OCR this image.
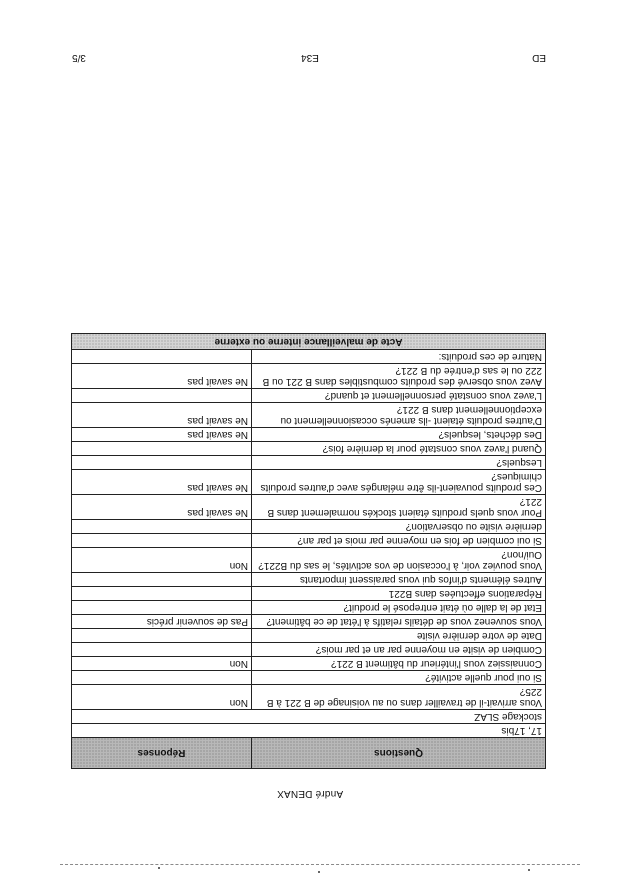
André DENAX
Questions	Réponses
17, 17bis	
stockage SLAZ	
Vous arrivait-il de travailler dans ou au voisinage de B 221 à B 225?	Non
Si oui pour quelle activité?	
Connaissiez vous l'intérieur du bâtiment B 221?	Non
Combien de visite en moyenne par an et par mois?	
Date de votre dernière visite	
Vous souvenez vous de détails relatifs à l'état de ce bâtiment?	Pas de souvenir précis
Etat de la dalle où était entreposé le produit?	
Réparations effectuées dans B221	
Autres éléments d'infos qui vous paraissent importants	
Vous pouviez voir, à l'occasion de vos activités, le sas du B221? Oui/non?	Non
Si oui combien de fois en moyenne par mois et par an?	
dernière visite ou observation?	
Pour vous quels produits étaient stockés normalement dans B 221?	Ne savait pas
Ces produits pouvaient-ils être mélangés avec d'autres produits chimiques?	Ne savait pas
Lesquels?	
Quand l'avez vous constaté pour la dernière fois?	
Des déchets, lesquels?	Ne savait pas
D'autres produits étaient -ils amenés occasionnellement ou exceptionnellement dans B 221?	Ne savait pas
L'avez vous constaté personnellement et quand?	
Avez vous observé des produits combustibles dans B 221 ou B 222 ou le sas d'entrée du B 221?	Ne savait pas
Nature de ces produits:	
Acte de malveillance interne ou externe	
ED
E34
3/5
